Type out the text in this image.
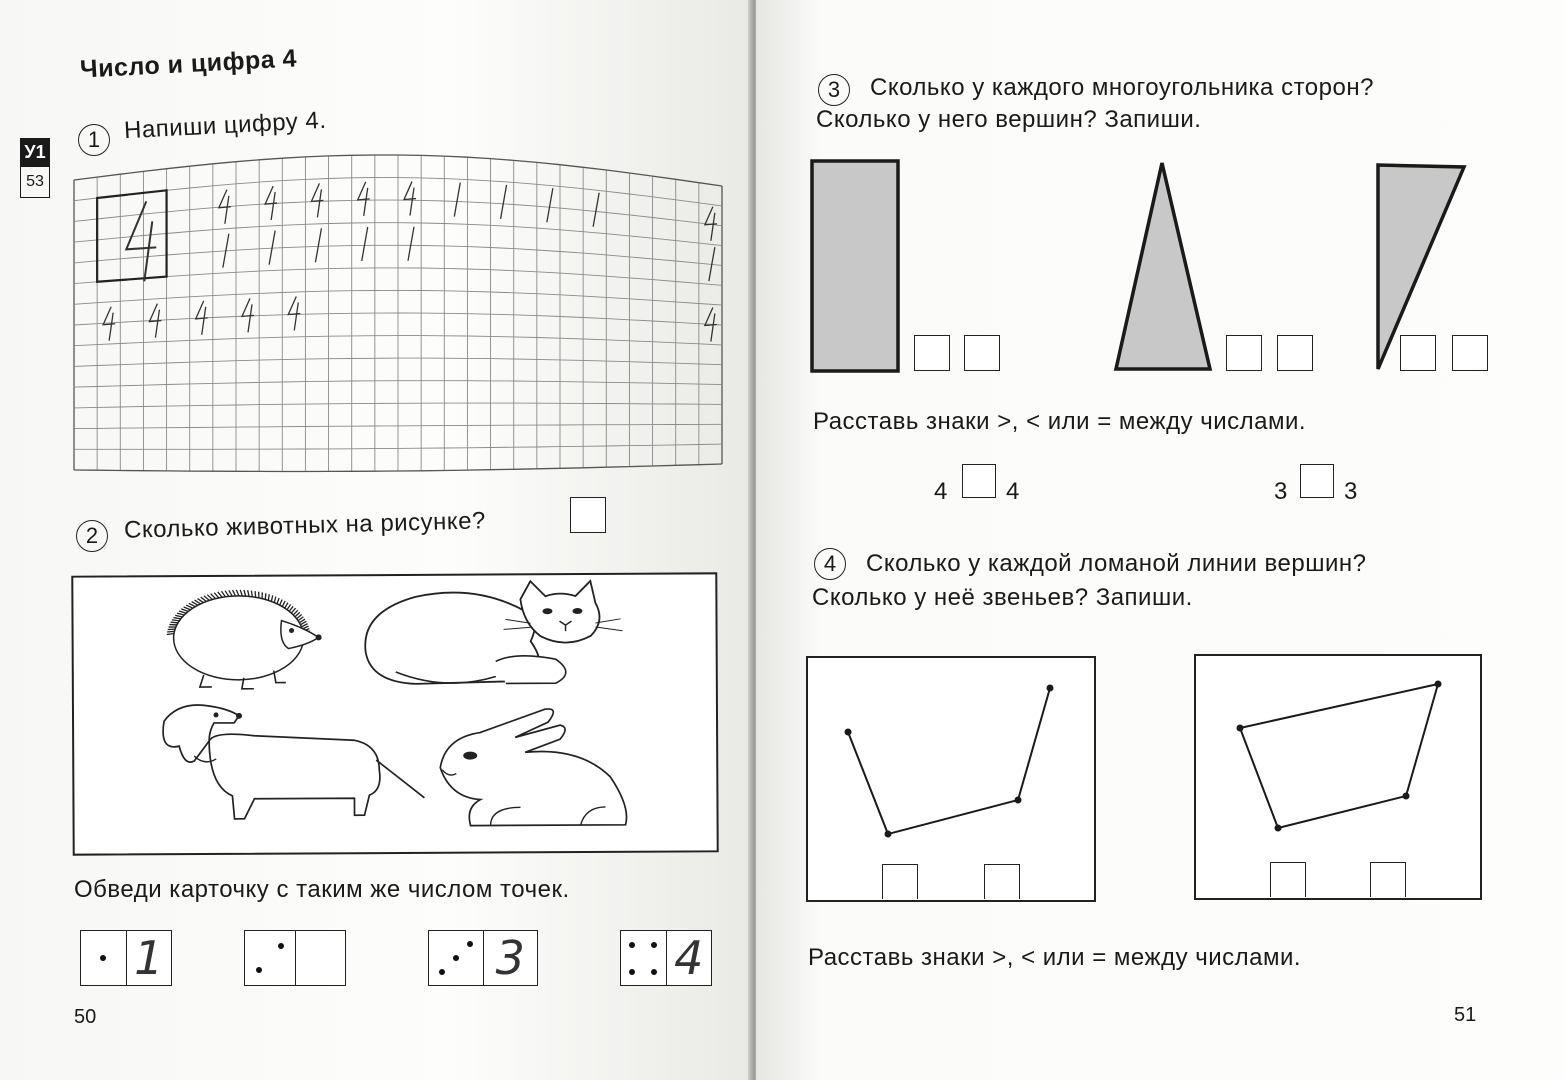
Число и цифра 4
У1
53
1 Напиши цифру 4.
2	Сколько животных на рисунке?
Обведи карточку с таким же числом точек.
1	3	4
50
3	Сколько у каждого многоугольника сторон?
Сколько у него вершин? Запиши.
Расставь знаки >, < или = между числами.
4 4	3 3
4	Сколько у каждой ломаной линии вершин?
Сколько у неё звеньев? Запиши.
Расставь знаки >, < или = между числами.
51
